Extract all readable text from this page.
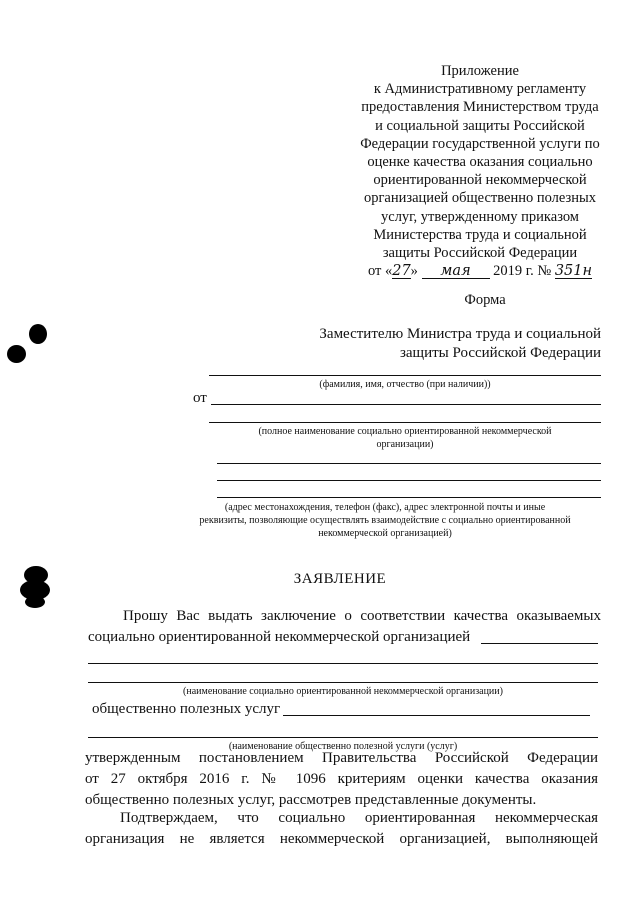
Приложение
к Административному регламенту
предоставления Министерством труда
и социальной защиты Российской
Федерации государственной услуги по
оценке качества оказания социально
ориентированной некоммерческой
организацией общественно полезных
услуг, утвержденному приказом
Министерства труда и социальной
защиты Российской Федерации
от «27» мая 2019 г. № 351н
Форма
Заместителю Министра труда и социальной
защиты Российской Федерации
(фамилия, имя, отчество (при наличии))
от
(полное наименование социально ориентированной некоммерческой
организации)
(адрес местонахождения, телефон (факс), адрес электронной почты и иные
реквизиты, позволяющие осуществлять взаимодействие с социально ориентированной
некоммерческой организацией)
ЗАЯВЛЕНИЕ
Прошу Вас выдать заключение о соответствии качества оказываемых
социально ориентированной некоммерческой организацией
(наименование социально ориентированной некоммерческой организации)
общественно полезных услуг
(наименование общественно полезной услуги (услуг)
утвержденным постановлением Правительства Российской Федерации
от 27 октября 2016 г. № 1096 критериям оценки качества оказания
общественно полезных услуг, рассмотрев представленные документы.
Подтверждаем, что социально ориентированная некоммерческая
организация не является некоммерческой организацией, выполняющей
